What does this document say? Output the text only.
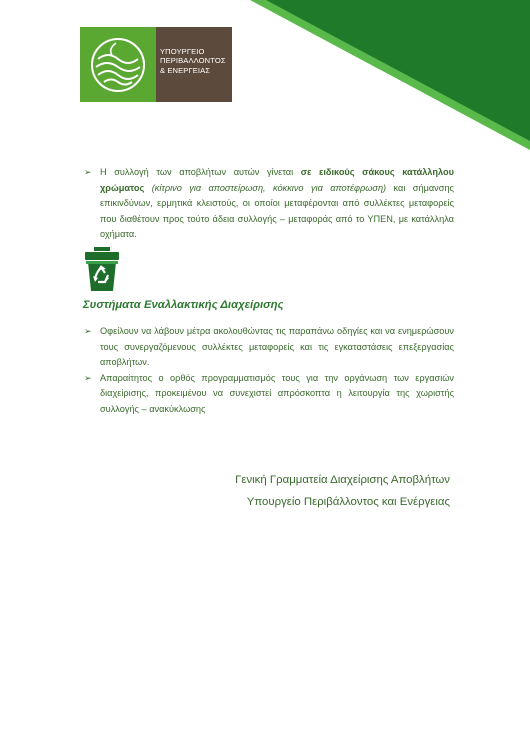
ΥΠΟΥΡΓΕΙΟ
ΠΕΡΙΒΑΛΛΟΝΤΟΣ
& ΕΝΕΡΓΕΙΑΣ
➢ Η συλλογή των αποβλήτων αυτών γίνεται σε ειδικούς σάκους κατάλληλου χρώματος (κίτρινο για αποστείρωση, κόκκινο για αποτέφρωση) και σήμανσης επικινδύνων, ερμητικά κλειστούς, οι οποίοι μεταφέρονται από συλλέκτες μεταφορείς που διαθέτουν προς τούτο άδεια συλλογής – μεταφοράς από το ΥΠΕΝ, με κατάλληλα οχήματα.

Συστήματα Εναλλακτικής Διαχείρισης

➢ Οφείλουν να λάβουν μέτρα ακολουθώντας τις παραπάνω οδηγίες και να ενημερώσουν τους συνεργαζόμενους συλλέκτες μεταφορείς και τις εγκαταστάσεις επεξεργασίας αποβλήτων.
➢ Απαραίτητος ο ορθός προγραμματισμός τους για την οργάνωση των εργασιών διαχείρισης, προκειμένου να συνεχιστεί απρόσκοπτα η λειτουργία της χωριστής συλλογής – ανακύκλωσης

Γενική Γραμματεία Διαχείρισης Αποβλήτων

Υπουργείο Περιβάλλοντος και Ενέργειας
